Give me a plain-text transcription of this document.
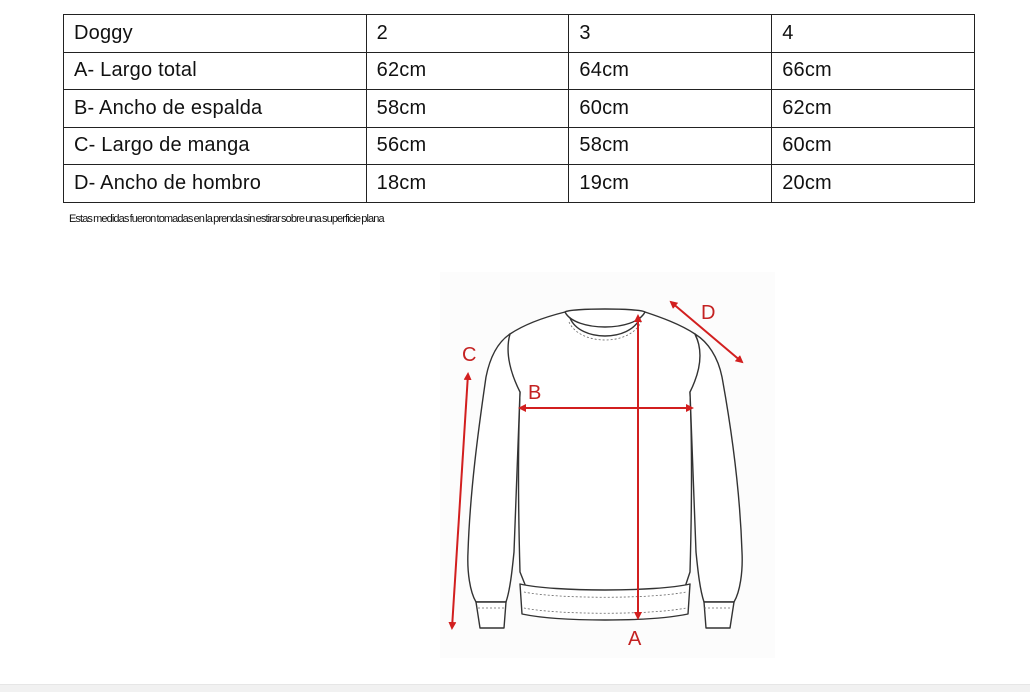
Doggy	2	3	4
A- Largo total	62cm	64cm	66cm
B- Ancho de espalda	58cm	60cm	62cm
C- Largo de manga	56cm	58cm	60cm
D- Ancho de hombro	18cm	19cm	20cm
Estas medidas fueron tomadas en la prenda sin estirar sobre una superficie plana
A
B
C
D
